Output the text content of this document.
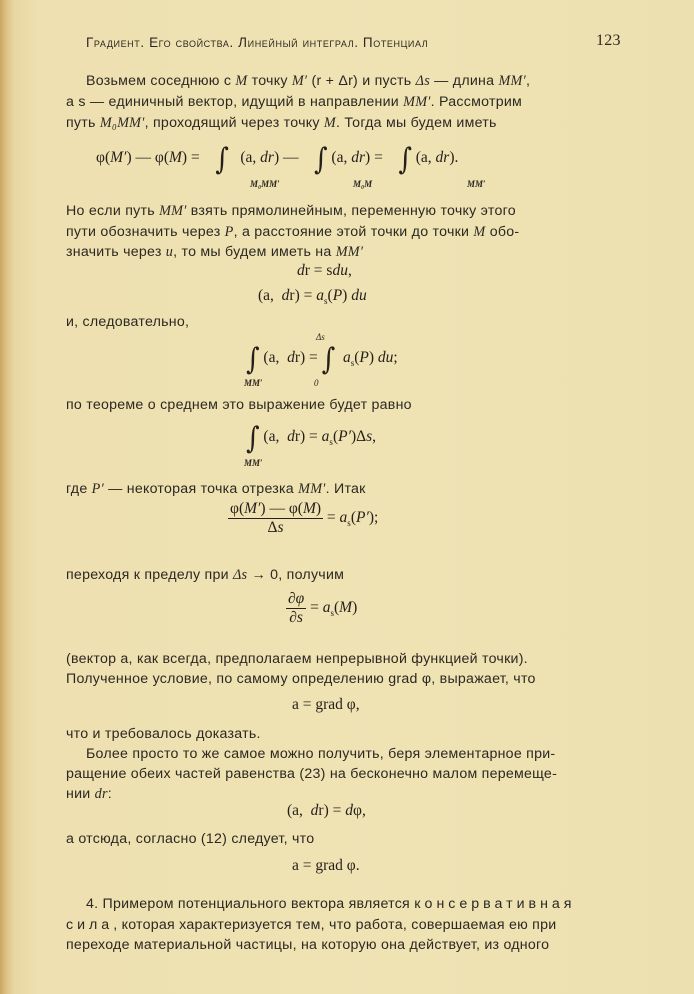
Градиент. Его свойства. Линейный интеграл. Потенциал	123
Возьмем соседнюю с M точку M′ (r + Δr) и пусть Δs — длина MM′,
a s — единичный вектор, идущий в направлении MM′. Рассмотрим
путь M₀MM′, проходящий через точку M. Тогда мы будем иметь
φ(M′) — φ(M) =    ∫ (a, dr) —    ∫ (a, dr) =    ∫ (a, dr).
M₀MM′	M₀M	MM′
Но если путь MM′ взять прямолинейным, переменную точку этого
пути обозначить через P, а расстояние этой точки до точки M обо-
значить через u, то мы будем иметь на MM′
dr = sdu,
(a,  $dr) = a_s(P)$ du
и, следовательно,
Δs
∫ (a,  dr) = ∫ $a_s(P)$ du;
MM′	0
по теореме о среднем это выражение будет равно
∫ (a,  $dr) = a_s(P')\Delta s$,
MM′
где P′ — некоторая точка отрезка MM′. Итак
$\frac{\varphi(M') — \varphi(M)}{\Delta s} = a_s(P')$;
переходя к пределу при Δs → 0, получим
$\frac{\partial\varphi}{\partial s} = a_s(M)$
(вектор a, как всегда, предполагаем непрерывной функцией точки).
Полученное условие, по самому определению grad φ, выражает, что
a = grad φ,
что и требовалось доказать.
Более просто то же самое можно получить, беря элементарное при-
ращение обеих частей равенства (23) на бесконечно малом перемеще-
нии dr:
(a,  dr) = dφ,
а отсюда, согласно (12) следует, что
a = grad φ.
4. Примером потенциального вектора является консервативная
сила, которая характеризуется тем, что работа, совершаемая ею при
переходе материальной частицы, на которую она действует, из одного
